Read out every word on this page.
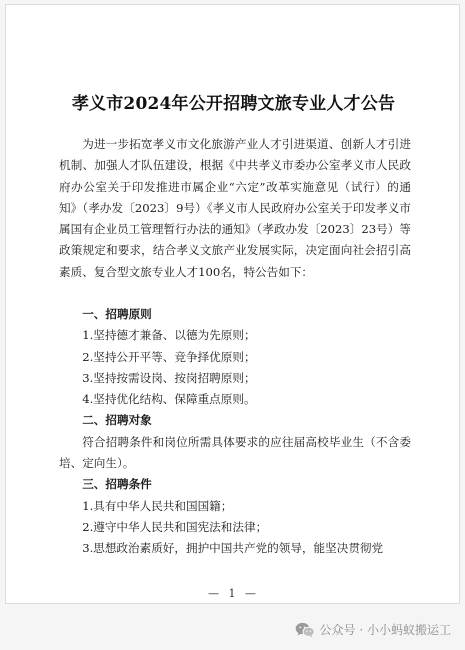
孝义市2024年公开招聘文旅专业人才公告
为进一步拓宽孝义市文化旅游产业人才引进渠道、创新人才引进机制、加强人才队伍建设，根据《中共孝义市委办公室孝义市人民政府办公室关于印发推进市属企业“六定”改革实施意见（试行）的通知》（孝办发〔2023〕9号）《孝义市人民政府办公室关于印发孝义市属国有企业员工管理暂行办法的通知》（孝政办发〔2023〕23号）等政策规定和要求，结合孝义文旅产业发展实际，决定面向社会招引高素质、复合型文旅专业人才100名，特公告如下：
一、招聘原则
1.坚持德才兼备、以德为先原则；
2.坚持公开平等、竞争择优原则；
3.坚持按需设岗、按岗招聘原则；
4.坚持优化结构、保障重点原则。
二、招聘对象
符合招聘条件和岗位所需具体要求的应往届高校毕业生（不含委培、定向生）。
三、招聘条件
1.具有中华人民共和国国籍；
2.遵守中华人民共和国宪法和法律；
3.思想政治素质好，拥护中国共产党的领导，能坚决贯彻党
— 1 —
公众号 · 小小蚂蚁搬运工
